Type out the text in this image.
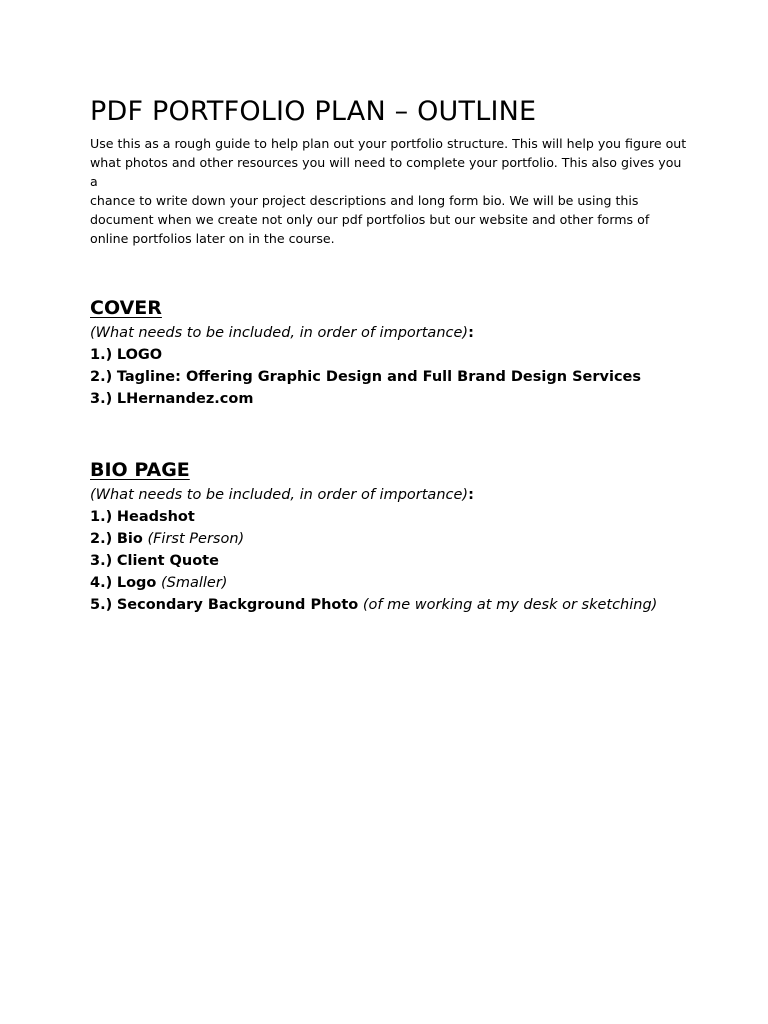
PDF PORTFOLIO PLAN – OUTLINE

Use this as a rough guide to help plan out your portfolio structure. This will help you figure out
what photos and other resources you will need to complete your portfolio. This also gives you a
chance to write down your project descriptions and long form bio. We will be using this
document when we create not only our pdf portfolios but our website and other forms of
online portfolios later on in the course.

COVER
(What needs to be included, in order of importance):
1.) LOGO
2.) Tagline: Offering Graphic Design and Full Brand Design Services
3.) LHernandez.com
BIO PAGE
(What needs to be included, in order of importance):
1.) Headshot
2.) Bio (First Person)
3.) Client Quote
4.) Logo (Smaller)
5.) Secondary Background Photo (of me working at my desk or sketching)
